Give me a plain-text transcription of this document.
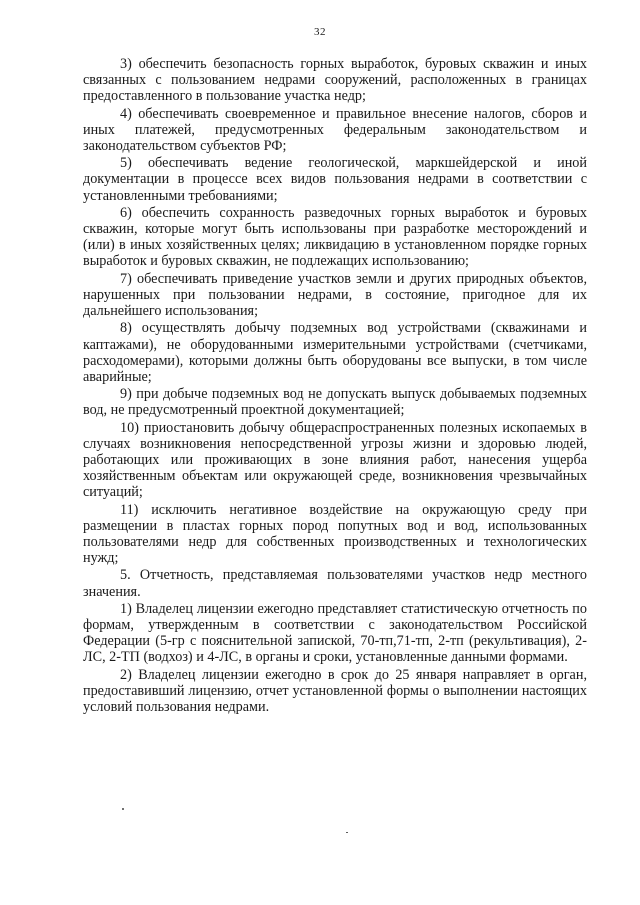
32

3) обеспечить безопасность горных выработок, буровых скважин и иных связанных с пользованием недрами сооружений, расположенных в границах предоставленного в пользование участка недр;

4) обеспечивать своевременное и правильное внесение налогов, сборов и иных платежей, предусмотренных федеральным законодательством и законодательством субъектов РФ;

5) обеспечивать ведение геологической, маркшейдерской и иной документации в процессе всех видов пользования недрами в соответствии с установленными требованиями;

6) обеспечить сохранность разведочных горных выработок и буровых скважин, которые могут быть использованы при разработке месторождений и (или) в иных хозяйственных целях; ликвидацию в установленном порядке горных выработок и буровых скважин, не подлежащих использованию;

7) обеспечивать приведение участков земли и других природных объектов, нарушенных при пользовании недрами, в состояние, пригодное для их дальнейшего использования;

8) осуществлять добычу подземных вод устройствами (скважинами и каптажами), не оборудованными измерительными устройствами (счетчиками, расходомерами), которыми должны быть оборудованы все выпуски, в том числе аварийные;

9) при добыче подземных вод не допускать выпуск добываемых подземных вод, не предусмотренный проектной документацией;

10) приостановить добычу общераспространенных полезных ископаемых в случаях возникновения непосредственной угрозы жизни и здоровью людей, работающих или проживающих в зоне влияния работ, нанесения ущерба хозяйственным объектам или окружающей среде, возникновения чрезвычайных ситуаций;

11) исключить негативное воздействие на окружающую среду при размещении в пластах горных пород попутных вод и вод, использованных пользователями недр для собственных производственных и технологических нужд;

5. Отчетность, представляемая пользователями участков недр местного значения.

1) Владелец лицензии ежегодно представляет статистическую отчетность по формам, утвержденным в соответствии с законодательством Российской Федерации (5-гр с пояснительной запиской, 70-тп,71-тп, 2-тп (рекультивация), 2-ЛС, 2-ТП (водхоз) и 4-ЛС, в органы и сроки, установленные данными формами.

2) Владелец лицензии ежегодно в срок до 25 января направляет в орган, предоставивший лицензию, отчет установленной формы о выполнении настоящих условий пользования недрами.
